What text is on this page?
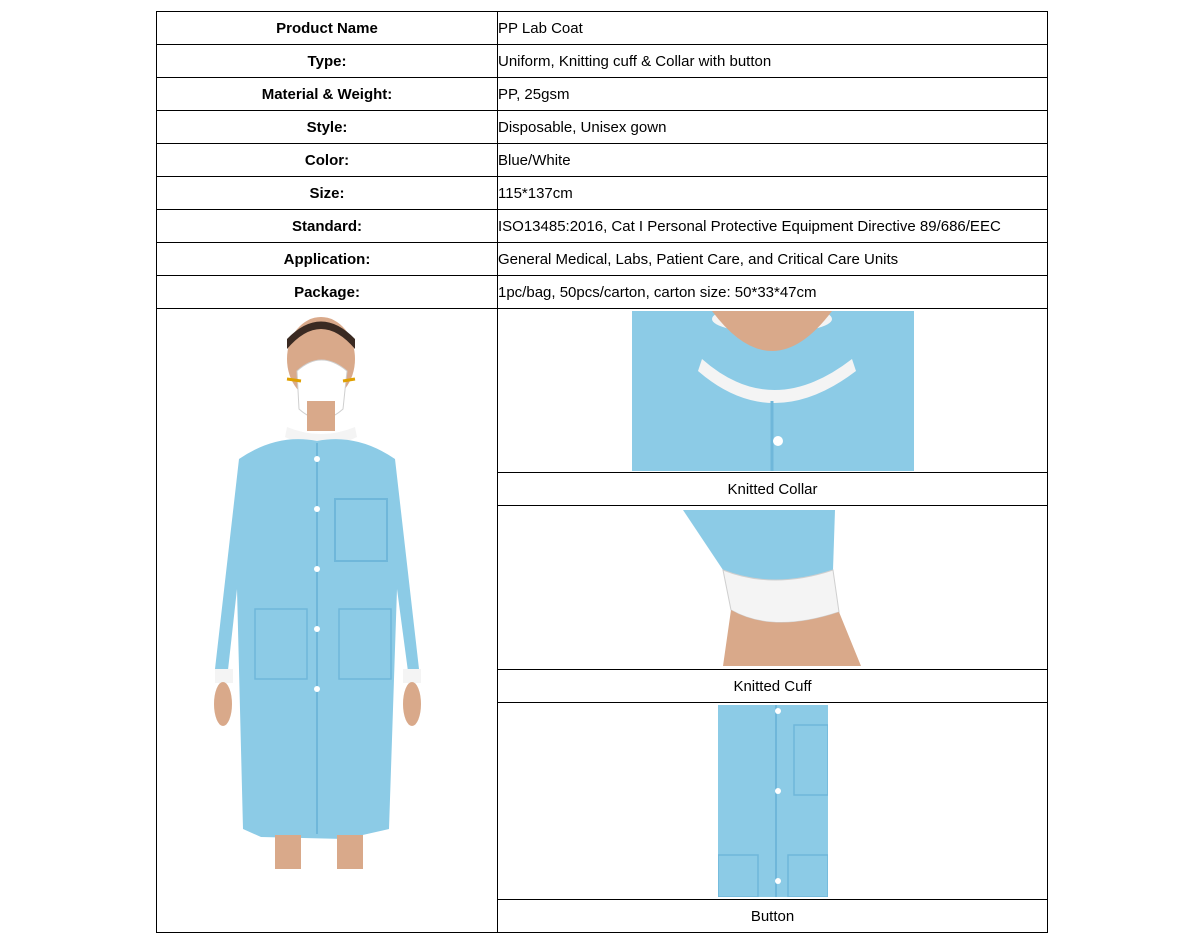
Product Name	PP Lab Coat
Type:	Uniform, Knitting cuff & Collar with button
Material & Weight:	PP, 25gsm
Style:	Disposable, Unisex gown
Color:	Blue/White
Size:	115*137cm
Standard:	ISO13485:2016, Cat I Personal Protective Equipment Directive 89/686/EEC
Application:	General Medical, Labs, Patient Care, and Critical Care Units
Package:	1pc/bag, 50pcs/carton, carton size: 50*33*47cm

	Knitted Collar

	Knitted Cuff

	Button
